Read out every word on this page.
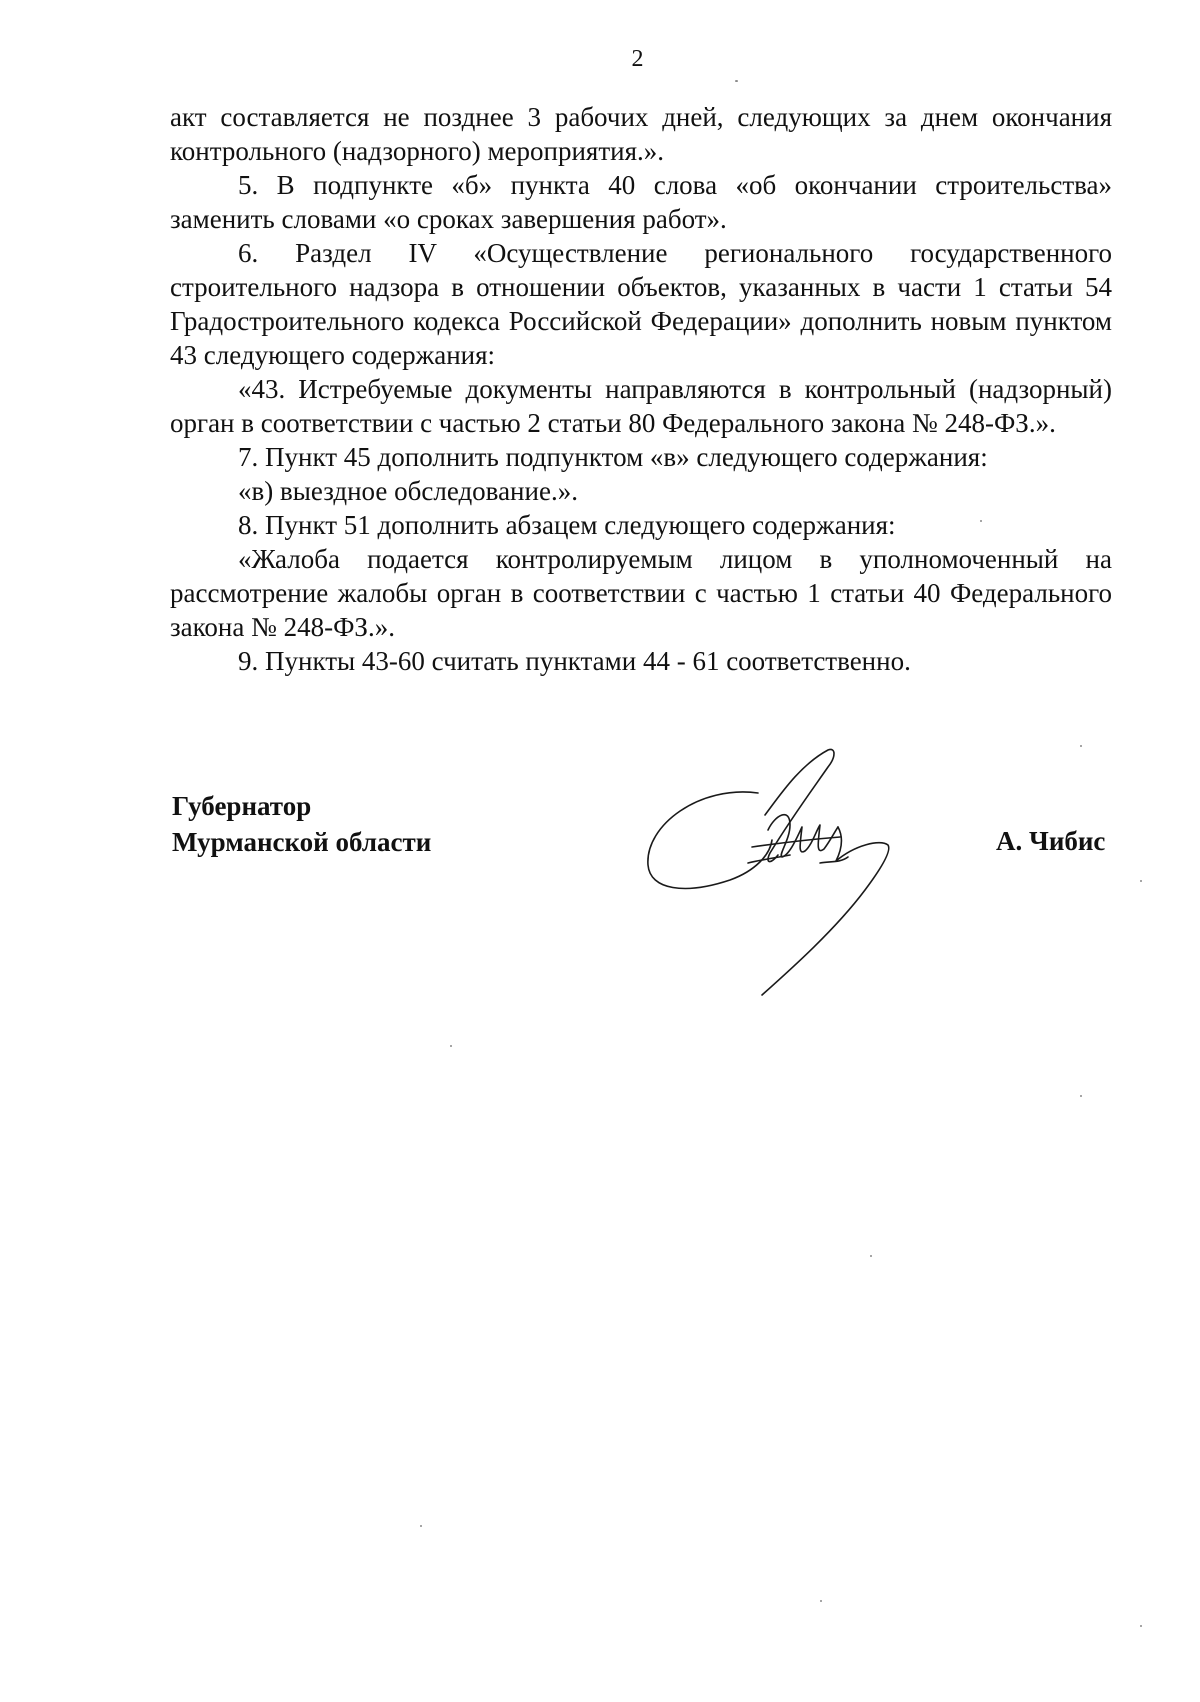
2

акт составляется не позднее 3 рабочих дней, следующих за днем окончания контрольного (надзорного) мероприятия.».

5. В подпункте «б» пункта 40 слова «об окончании строительства» заменить словами «о сроках завершения работ».

6. Раздел IV «Осуществление регионального государственного строительного надзора в отношении объектов, указанных в части 1 статьи 54 Градостроительного кодекса Российской Федерации» дополнить новым пунктом 43 следующего содержания:

«43. Истребуемые документы направляются в контрольный (надзорный) орган в соответствии с частью 2 статьи 80 Федерального закона № 248-ФЗ.».

7. Пункт 45 дополнить подпунктом «в» следующего содержания:

«в) выездное обследование.».

8. Пункт 51 дополнить абзацем следующего содержания:

«Жалоба подается контролируемым лицом в уполномоченный на рассмотрение жалобы орган в соответствии с частью 1 статьи 40 Федерального закона № 248-ФЗ.».

9. Пункты 43-60 считать пунктами 44 - 61 соответственно.

Губернатор
Мурманской области	А. Чибис
